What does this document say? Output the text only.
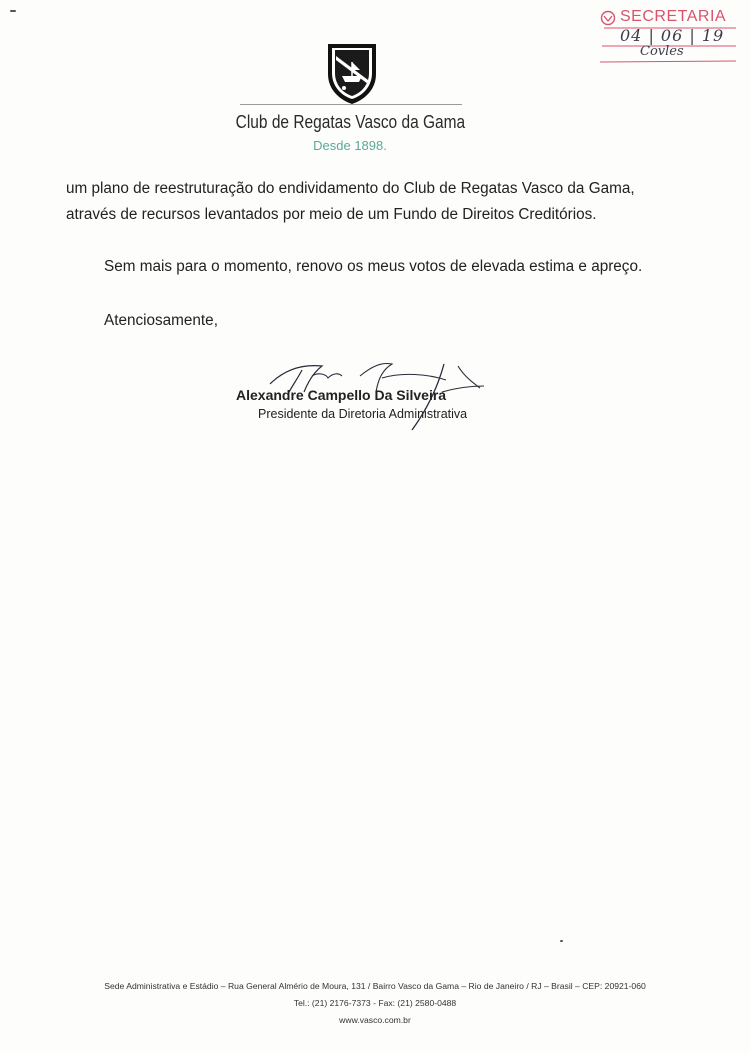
SECRETARIA
04 | 06 | 19
Covles
Club de Regatas Vasco da Gama
Desde 1898.
um plano de reestruturação do endividamento do Club de Regatas Vasco da Gama,
através de recursos levantados por meio de um Fundo de Direitos Creditórios.
Sem mais para o momento, renovo os meus votos de elevada estima e apreço.
Atenciosamente,
Alexandre Campello Da Silveira
Presidente da Diretoria Administrativa
Sede Administrativa e Estádio – Rua General Almério de Moura, 131 / Bairro Vasco da Gama – Rio de Janeiro / RJ – Brasil – CEP: 20921-060
Tel.: (21) 2176-7373 - Fax: (21) 2580-0488
www.vasco.com.br
